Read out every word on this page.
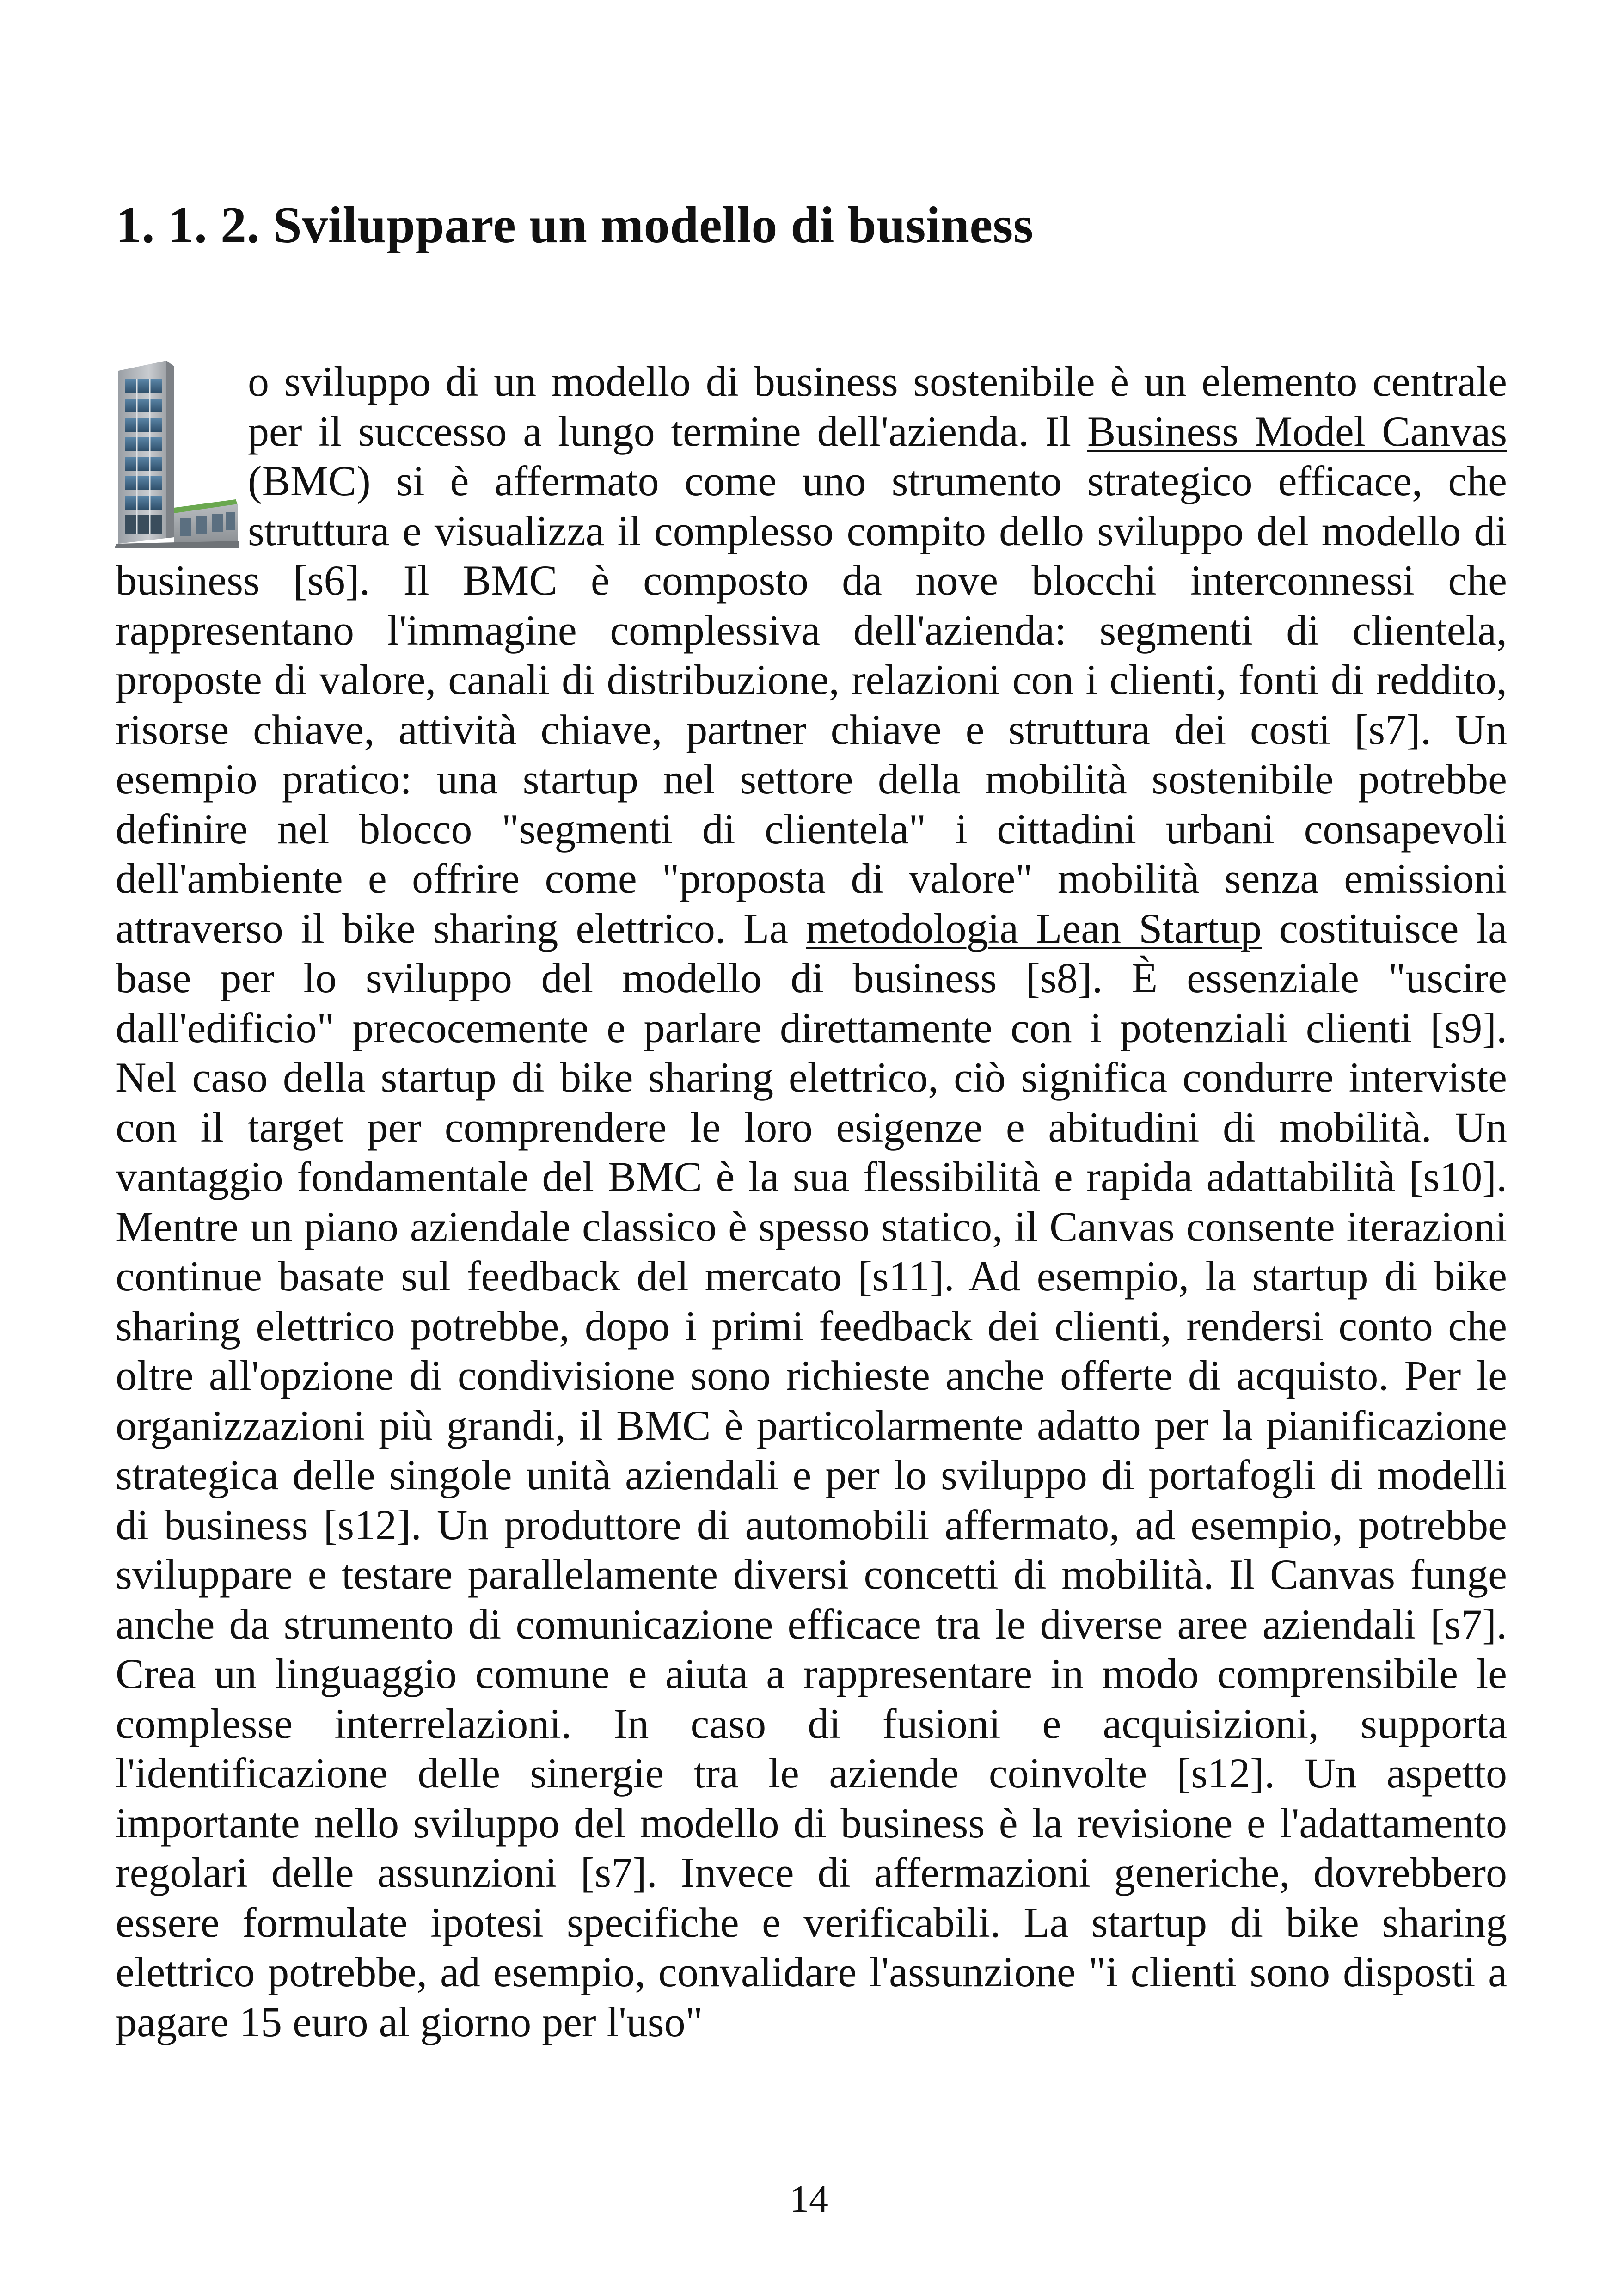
1. 1. 2. Sviluppare un modello di business

o sviluppo di un modello di business sostenibile è un elemento centrale per il successo a lungo termine dell'azienda. Il Business Model Canvas (BMC) si è affermato come uno strumento strategico efficace, che struttura e visualizza il complesso compito dello sviluppo del modello di business [s6]. Il BMC è composto da nove blocchi interconnessi che rappresentano l'immagine complessiva dell'azienda: segmenti di clientela, proposte di valore, canali di distribuzione, relazioni con i clienti, fonti di reddito, risorse chiave, attività chiave, partner chiave e struttura dei costi [s7]. Un esempio pratico: una startup nel settore della mobilità sostenibile potrebbe definire nel blocco "segmenti di clientela" i cittadini urbani consapevoli dell'ambiente e offrire come "proposta di valore" mobilità senza emissioni attraverso il bike sharing elettrico. La metodologia Lean Startup costituisce la base per lo sviluppo del modello di business [s8]. È essenziale "uscire dall'edificio" precocemente e parlare direttamente con i potenziali clienti [s9]. Nel caso della startup di bike sharing elettrico, ciò significa condurre interviste con il target per comprendere le loro esigenze e abitudini di mobilità. Un vantaggio fondamentale del BMC è la sua flessibilità e rapida adattabilità [s10]. Mentre un piano aziendale classico è spesso statico, il Canvas consente iterazioni continue basate sul feedback del mercato [s11]. Ad esempio, la startup di bike sharing elettrico potrebbe, dopo i primi feedback dei clienti, rendersi conto che oltre all'opzione di condivisione sono richieste anche offerte di acquisto. Per le organizzazioni più grandi, il BMC è particolarmente adatto per la pianificazione strategica delle singole unità aziendali e per lo sviluppo di portafogli di modelli di business [s12]. Un produttore di automobili affermato, ad esempio, potrebbe sviluppare e testare parallelamente diversi concetti di mobilità. Il Canvas funge anche da strumento di comunicazione efficace tra le diverse aree aziendali [s7]. Crea un linguaggio comune e aiuta a rappresentare in modo comprensibile le complesse interrelazioni. In caso di fusioni e acquisizioni, supporta l'identificazione delle sinergie tra le aziende coinvolte [s12]. Un aspetto importante nello sviluppo del modello di business è la revisione e l'adattamento regolari delle assunzioni [s7]. Invece di affermazioni generiche, dovrebbero essere formulate ipotesi specifiche e verificabili. La startup di bike sharing elettrico potrebbe, ad esempio, convalidare l'assunzione "i clienti sono disposti a pagare 15 euro al giorno per l'uso"

14
